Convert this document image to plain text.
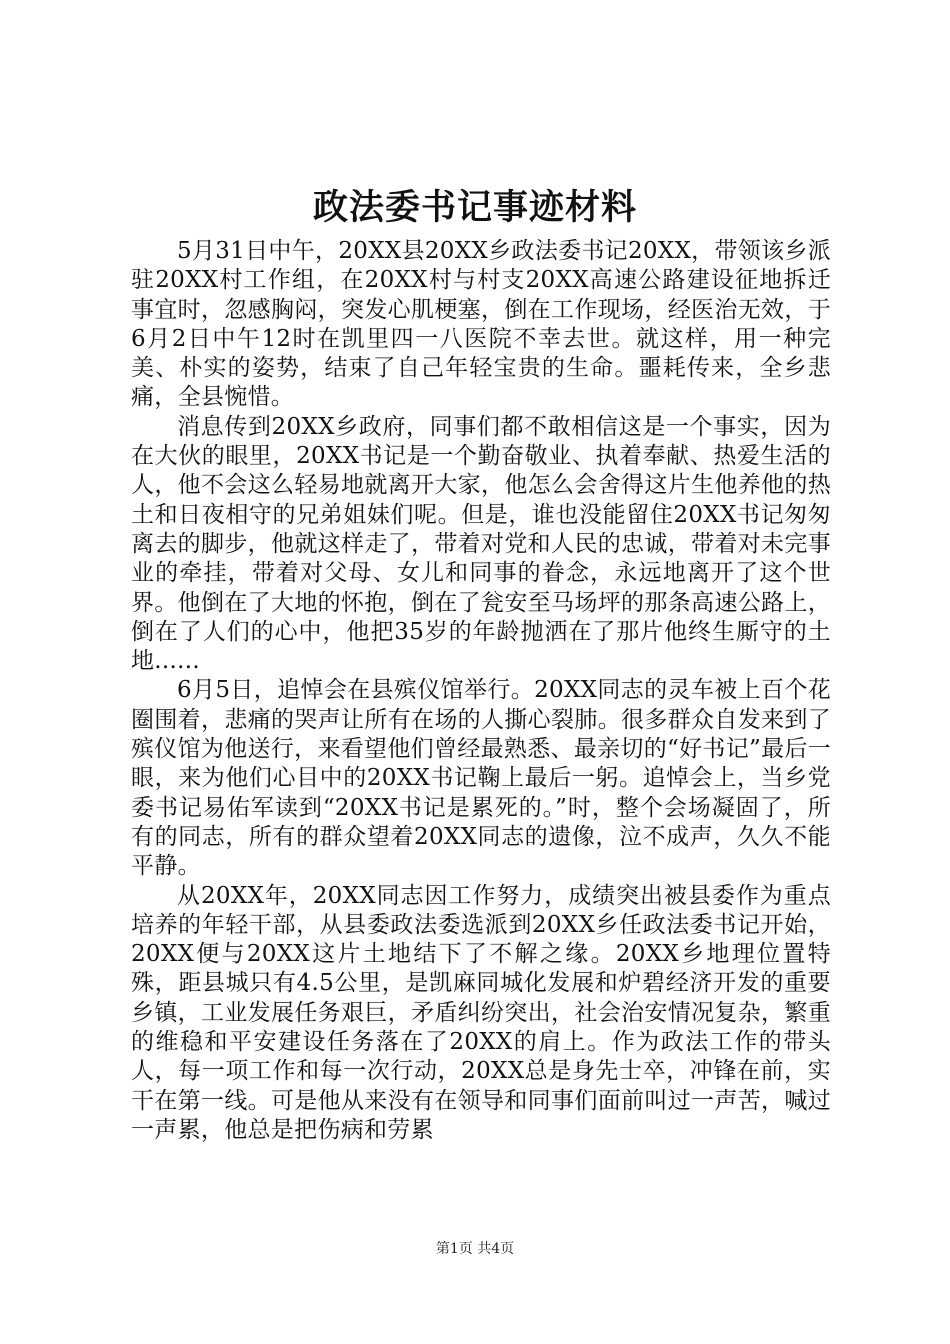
政法委书记事迹材料

5月31日中午，20XX县20XX乡政法委书记20XX，带领该乡派驻20XX村工作组，在20XX村与村支20XX高速公路建设征地拆迁事宜时，忽感胸闷，突发心肌梗塞，倒在工作现场，经医治无效，于6月2日中午12时在凯里四一八医院不幸去世。就这样，用一种完美、朴实的姿势，结束了自己年轻宝贵的生命。噩耗传来，全乡悲痛，全县惋惜。

消息传到20XX乡政府，同事们都不敢相信这是一个事实，因为在大伙的眼里，20XX书记是一个勤奋敬业、执着奉献、热爱生活的人，他不会这么轻易地就离开大家，他怎么会舍得这片生他养他的热土和日夜相守的兄弟姐妹们呢。但是，谁也没能留住20XX书记匆匆离去的脚步，他就这样走了，带着对党和人民的忠诚，带着对未完事业的牵挂，带着对父母、女儿和同事的眷念，永远地离开了这个世界。他倒在了大地的怀抱，倒在了瓮安至马场坪的那条高速公路上，倒在了人们的心中，他把35岁的年龄抛洒在了那片他终生厮守的土地......

6月5日，追悼会在县殡仪馆举行。20XX同志的灵车被上百个花圈围着，悲痛的哭声让所有在场的人撕心裂肺。很多群众自发来到了殡仪馆为他送行，来看望他们曾经最熟悉、最亲切的“好书记”最后一眼，来为他们心目中的20XX书记鞠上最后一躬。追悼会上，当乡党委书记易佑军读到“20XX书记是累死的。”时，整个会场凝固了，所有的同志，所有的群众望着20XX同志的遗像，泣不成声，久久不能平静。

从20XX年，20XX同志因工作努力，成绩突出被县委作为重点培养的年轻干部，从县委政法委选派到20XX乡任政法委书记开始，20XX便与20XX这片土地结下了不解之缘。20XX乡地理位置特殊，距县城只有4.5公里，是凯麻同城化发展和炉碧经济开发的重要乡镇，工业发展任务艰巨，矛盾纠纷突出，社会治安情况复杂，繁重的维稳和平安建设任务落在了20XX的肩上。作为政法工作的带头人，每一项工作和每一次行动，20XX总是身先士卒，冲锋在前，实干在第一线。可是他从来没有在领导和同事们面前叫过一声苦，喊过一声累，他总是把伤病和劳累

第1页 共4页
